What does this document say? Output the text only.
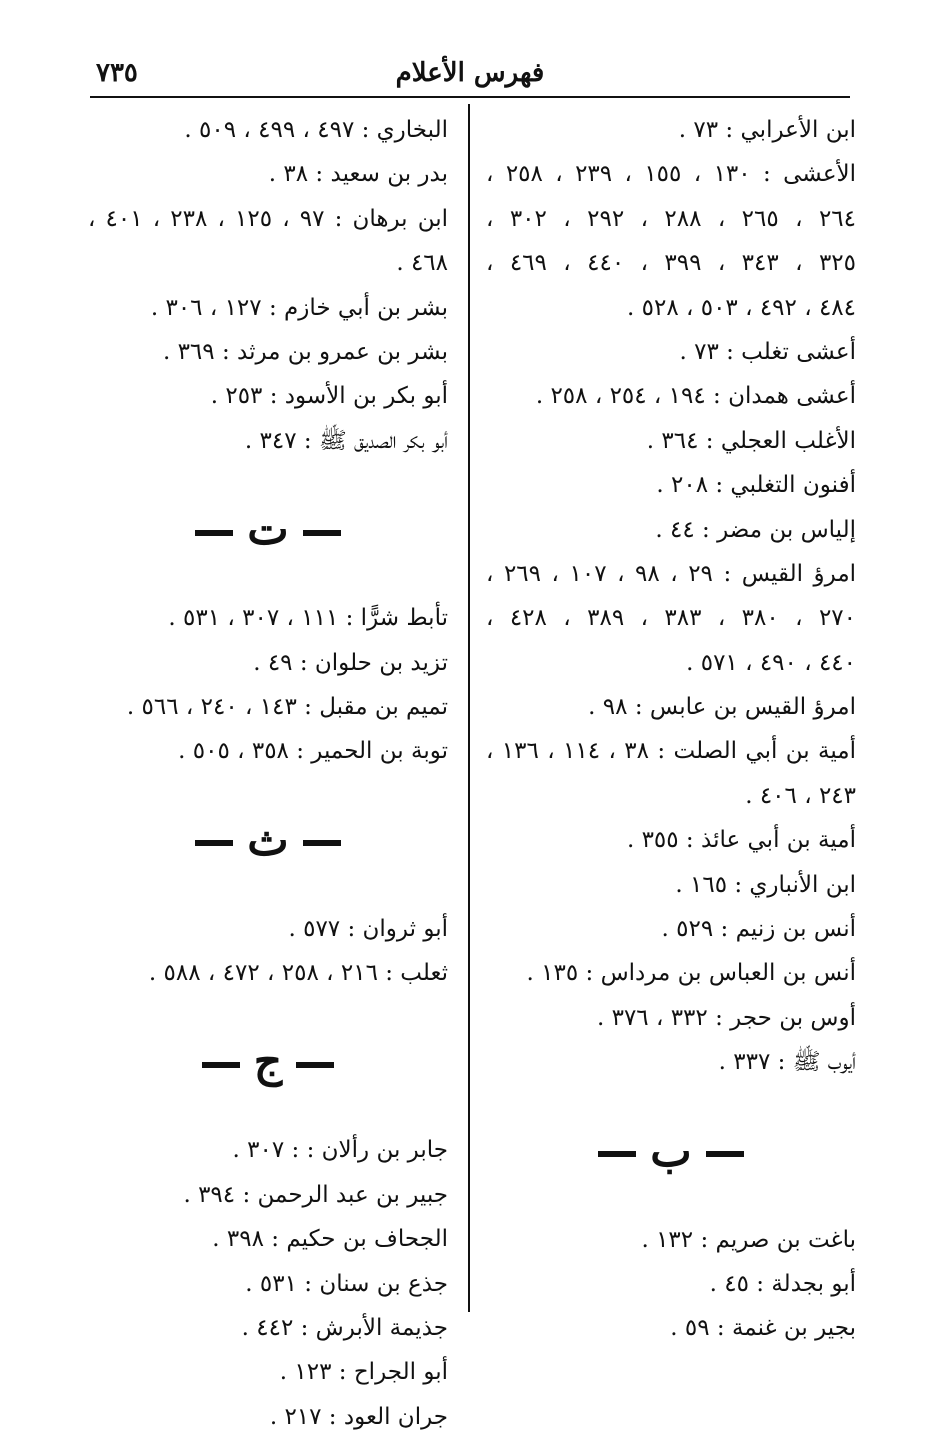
فهرس الأعلام
٧٣٥
ابن الأعرابي : ٧٣ .
الأعشى : ١٣٠ ، ١٥٥ ، ٢٣٩ ، ٢٥٨ ،
٢٦٤ ، ٢٦٥ ، ٢٨٨ ، ٢٩٢ ، ٣٠٢ ،
٣٢٥ ، ٣٤٣ ، ٣٩٩ ، ٤٤٠ ، ٤٦٩ ،
٤٨٤ ، ٤٩٢ ، ٥٠٣ ، ٥٢٨ .
أعشى تغلب : ٧٣ .
أعشى همدان : ١٩٤ ، ٢٥٤ ، ٢٥٨ .
الأغلب العجلي : ٣٦٤ .
أفنون التغلبي : ٢٠٨ .
إلياس بن مضر : ٤٤ .
امرؤ القيس : ٢٩ ، ٩٨ ، ١٠٧ ، ٢٦٩ ،
٢٧٠ ، ٣٨٠ ، ٣٨٣ ، ٣٨٩ ، ٤٢٨ ،
٤٤٠ ، ٤٩٠ ، ٥٧١ .
امرؤ القيس بن عابس : ٩٨ .
أمية بن أبي الصلت : ٣٨ ، ١١٤ ، ١٣٦ ،
٢٤٣ ، ٤٠٦ .
أمية بن أبي عائذ : ٣٥٥ .
ابن الأنباري : ١٦٥ .
أنس بن زنيم : ٥٢٩ .
أنس بن العباس بن مرداس : ١٣٥ .
أوس بن حجر : ٣٣٢ ، ٣٧٦ .
أيوب ﷺ : ٣٣٧ .
ب
باغت بن صريم : ١٣٢ .
أبو بجدلة : ٤٥ .
بجير بن غنمة : ٥٩ .
البخاري : ٤٩٧ ، ٤٩٩ ، ٥٠٩ .
بدر بن سعيد : ٣٨ .
ابن برهان : ٩٧ ، ١٢٥ ، ٢٣٨ ، ٤٠١ ،
٤٦٨ .
بشر بن أبي خازم : ١٢٧ ، ٣٠٦ .
بشر بن عمرو بن مرثد : ٣٦٩ .
أبو بكر بن الأسود : ٢٥٣ .
أبو بكر الصديق ﷺ : ٣٤٧ .
ت
تأبط شرًّا : ١١١ ، ٣٠٧ ، ٥٣١ .
تزيد بن حلوان : ٤٩ .
تميم بن مقبل : ١٤٣ ، ٢٤٠ ، ٥٦٦ .
توبة بن الحمير : ٣٥٨ ، ٥٠٥ .
ث
أبو ثروان : ٥٧٧ .
ثعلب : ٢١٦ ، ٢٥٨ ، ٤٧٢ ، ٥٨٨ .
ج
جابر بن رألان : : ٣٠٧ .
جبير بن عبد الرحمن : ٣٩٤ .
الجحاف بن حكيم : ٣٩٨ .
جذع بن سنان : ٥٣١ .
جذيمة الأبرش : ٤٤٢ .
أبو الجراح : ١٢٣ .
جران العود : ٢١٧ .
